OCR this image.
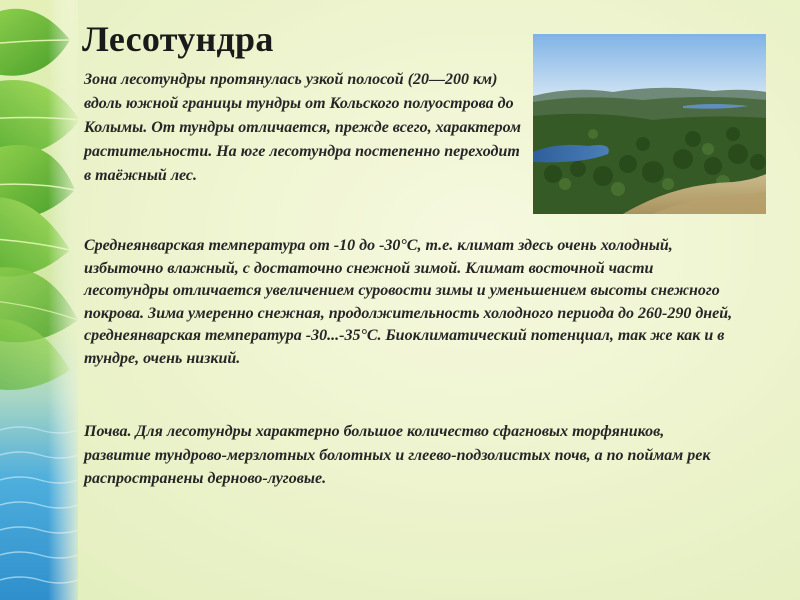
Лесотундра

Зона лесотундры протянулась узкой полосой (20—200 км) вдоль южной границы тундры от Кольского полуострова до Колымы. От тундры отличается, прежде всего, характером растительности. На юге лесотундра постепенно переходит в таёжный лес.

Среднеянварская температура от -10 до -30°С, т.е. климат здесь очень холодный, избыточно влажный, с достаточно снежной зимой. Климат восточной части лесотундры отличается увеличением суровости зимы и уменьшением высоты снежного покрова. Зима умеренно снежная, продолжительность холодного периода до 260-290 дней, среднеянварская температура -30...-35°С. Биоклиматический потенциал, так же как и в тундре, очень низкий.

Почва. Для лесотундры характерно большое количество сфагновых торфяников, развитие тундрово-мерзлотных болотных и глеево-подзолистых почв, а по поймам рек распространены дерново-луговые.
